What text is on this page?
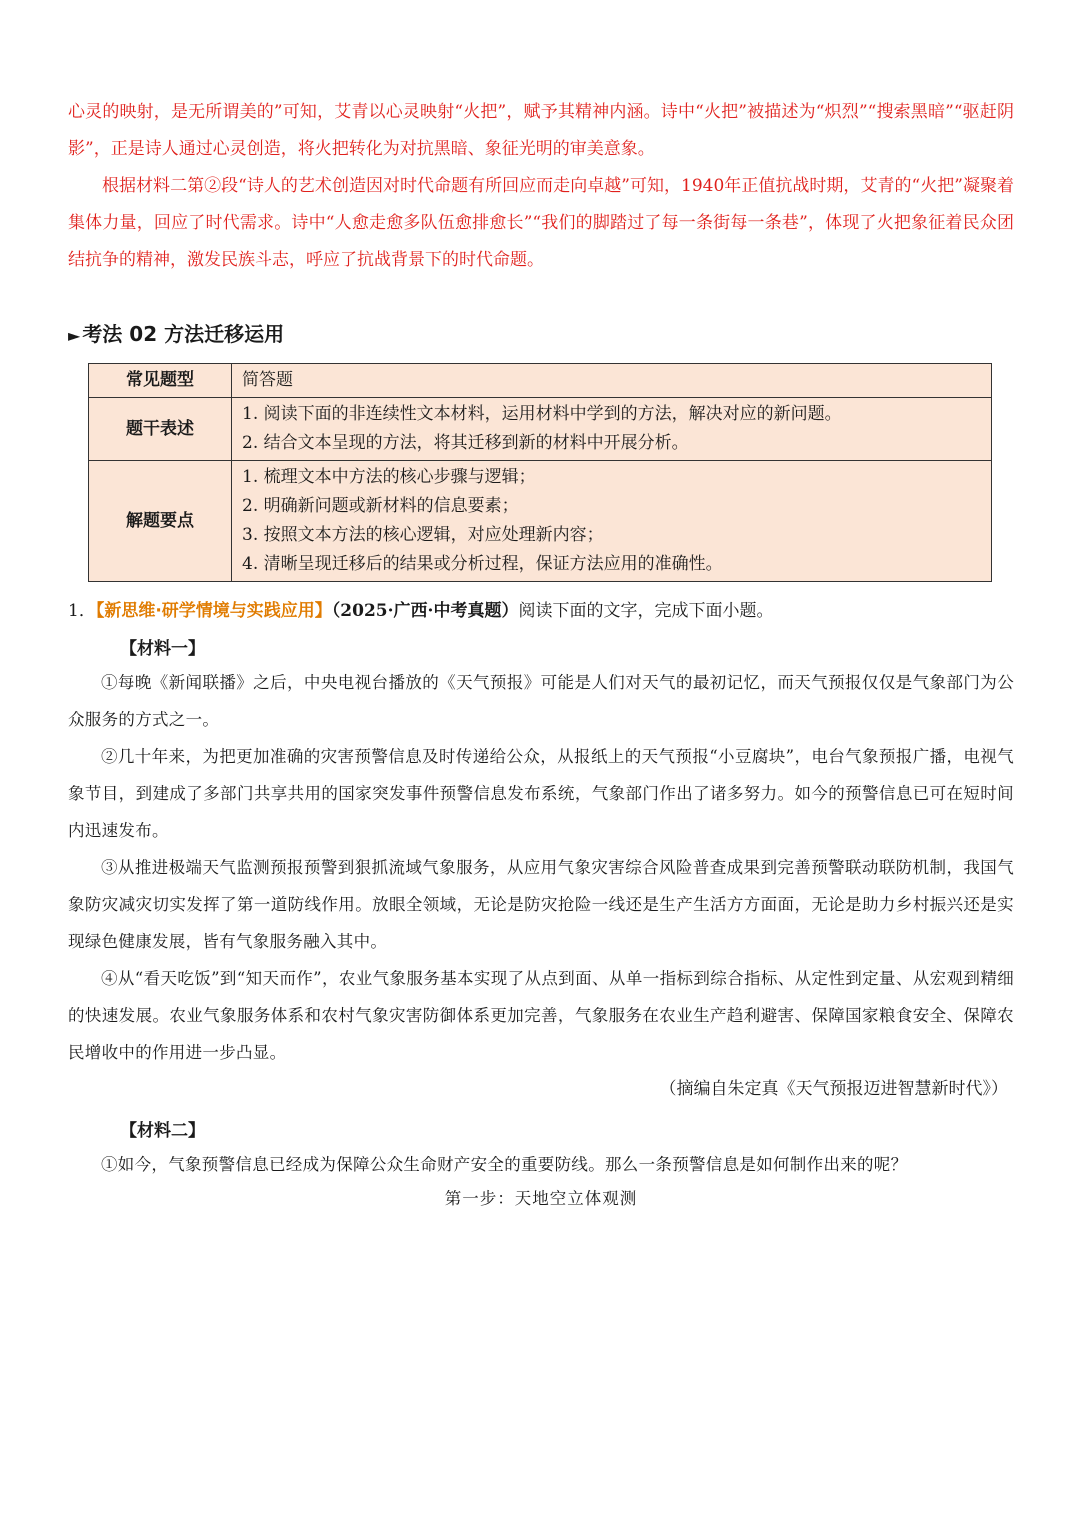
心灵的映射，是无所谓美的”可知，艾青以心灵映射“火把”，赋予其精神内涵。诗中“火把”被描述为“炽烈”“搜索黑暗”“驱赶阴影”，正是诗人通过心灵创造，将火把转化为对抗黑暗、象征光明的审美意象。

根据材料二第②段“诗人的艺术创造因对时代命题有所回应而走向卓越”可知，1940年正值抗战时期，艾青的“火把”凝聚着集体力量，回应了时代需求。诗中“人愈走愈多队伍愈排愈长”“我们的脚踏过了每一条街每一条巷”，体现了火把象征着民众团结抗争的精神，激发民族斗志，呼应了抗战背景下的时代命题。

► 考法 02 方法迁移运用
常见题型	简答题

题干表述	1. 阅读下面的非连续性文本材料，运用材料中学到的方法，解决对应的新问题。
2. 结合文本呈现的方法，将其迁移到新的材料中开展分析。

解题要点	1. 梳理文本中方法的核心步骤与逻辑；
2. 明确新问题或新材料的信息要素；
3. 按照文本方法的核心逻辑，对应处理新内容；
4. 清晰呈现迁移后的结果或分析过程，保证方法应用的准确性。
1．【新思维·研学情境与实践应用】（2025·广西·中考真题）阅读下面的文字，完成下面小题。
【材料一】

①每晚《新闻联播》之后，中央电视台播放的《天气预报》可能是人们对天气的最初记忆，而天气预报仅仅是气象部门为公众服务的方式之一。

②几十年来，为把更加准确的灾害预警信息及时传递给公众，从报纸上的天气预报“小豆腐块”，电台气象预报广播，电视气象节目，到建成了多部门共享共用的国家突发事件预警信息发布系统，气象部门作出了诸多努力。如今的预警信息已可在短时间内迅速发布。

③从推进极端天气监测预报预警到狠抓流域气象服务，从应用气象灾害综合风险普查成果到完善预警联动联防机制，我国气象防灾减灾切实发挥了第一道防线作用。放眼全领域，无论是防灾抢险一线还是生产生活方方面面，无论是助力乡村振兴还是实现绿色健康发展，皆有气象服务融入其中。

④从“看天吃饭”到“知天而作”，农业气象服务基本实现了从点到面、从单一指标到综合指标、从定性到定量、从宏观到精细的快速发展。农业气象服务体系和农村气象灾害防御体系更加完善，气象服务在农业生产趋利避害、保障国家粮食安全、保障农民增收中的作用进一步凸显。

（摘编自朱定真《天气预报迈进智慧新时代》）

【材料二】

①如今，气象预警信息已经成为保障公众生命财产安全的重要防线。那么一条预警信息是如何制作出来的呢？

第一步：天地空立体观测
